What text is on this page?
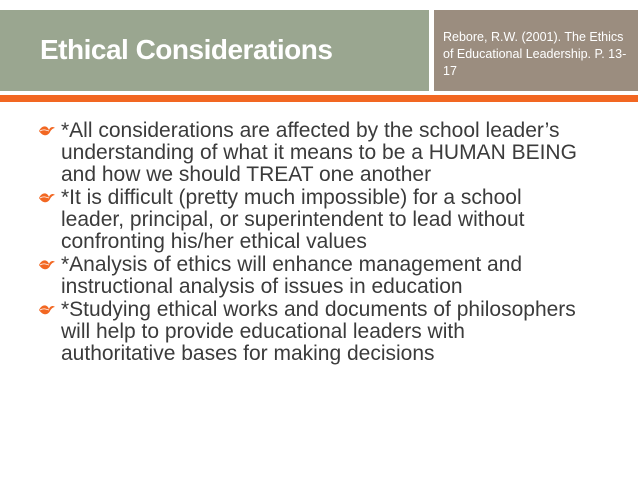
Ethical Considerations	Rebore, R.W. (2001). The Ethics of Educational Leadership. P. 13-17
*All considerations are affected by the school leader’s understanding of what it means to be a HUMAN BEING and how we should TREAT one another
*It is difficult (pretty much impossible) for a school leader, principal, or superintendent to lead without confronting his/her ethical values
*Analysis of ethics will enhance management and instructional analysis of issues in education
*Studying ethical works and documents of philosophers will help to provide educational leaders with authoritative bases for making decisions
